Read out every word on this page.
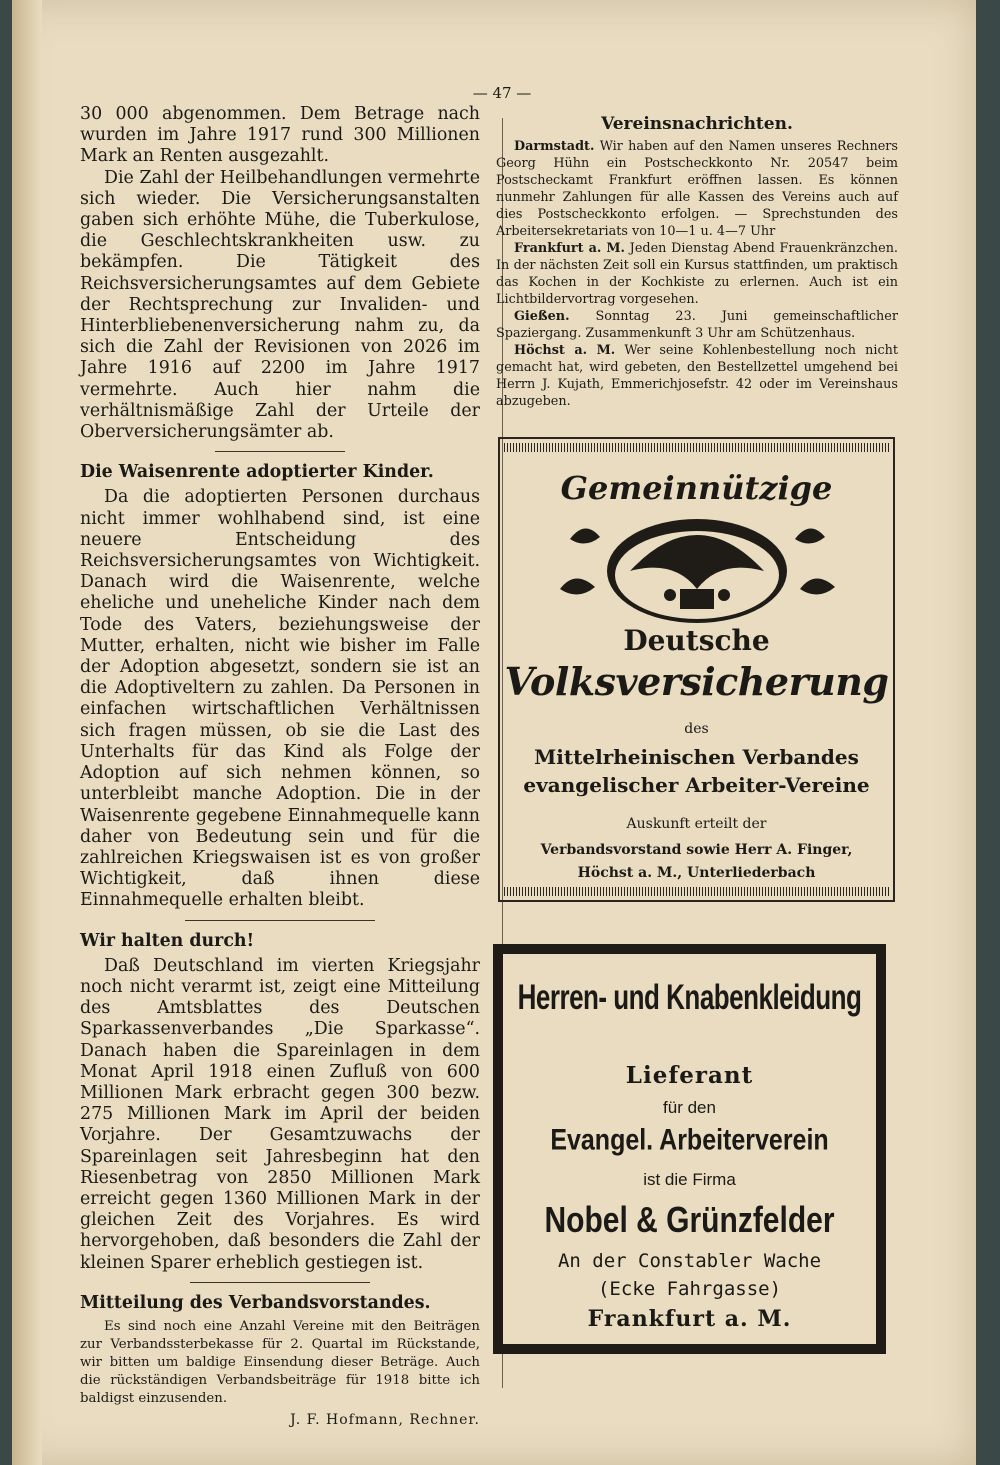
— 47 —

30 000 abgenommen. Dem Betrage nach wurden im Jahre 1917 rund 300 Millionen Mark an Renten ausgezahlt.

Die Zahl der Heilbehandlungen vermehrte sich wieder. Die Versicherungsanstalten gaben sich erhöhte Mühe, die Tuberkulose, die Geschlechtskrankheiten usw. zu bekämpfen. Die Tätigkeit des Reichsversicherungsamtes auf dem Gebiete der Rechtsprechung zur Invaliden- und Hinterbliebenenversicherung nahm zu, da sich die Zahl der Revisionen von 2026 im Jahre 1916 auf 2200 im Jahre 1917 vermehrte. Auch hier nahm die verhältnismäßige Zahl der Urteile der Oberversicherungsämter ab.

Die Waisenrente adoptierter Kinder.

Da die adoptierten Personen durchaus nicht immer wohlhabend sind, ist eine neuere Entscheidung des Reichsversicherungsamtes von Wichtigkeit. Danach wird die Waisenrente, welche eheliche und uneheliche Kinder nach dem Tode des Vaters, beziehungsweise der Mutter, erhalten, nicht wie bisher im Falle der Adoption abgesetzt, sondern sie ist an die Adoptiveltern zu zahlen. Da Personen in einfachen wirtschaftlichen Verhältnissen sich fragen müssen, ob sie die Last des Unterhalts für das Kind als Folge der Adoption auf sich nehmen können, so unterbleibt manche Adoption. Die in der Waisenrente gegebene Einnahmequelle kann daher von Bedeutung sein und für die zahlreichen Kriegswaisen ist es von großer Wichtigkeit, daß ihnen diese Einnahmequelle erhalten bleibt.

Wir halten durch!

Daß Deutschland im vierten Kriegsjahr noch nicht verarmt ist, zeigt eine Mitteilung des Amtsblattes des Deutschen Sparkassenverbandes „Die Sparkasse“. Danach haben die Spareinlagen in dem Monat April 1918 einen Zufluß von 600 Millionen Mark erbracht gegen 300 bezw. 275 Millionen Mark im April der beiden Vorjahre. Der Gesamtzuwachs der Spareinlagen seit Jahresbeginn hat den Riesenbetrag von 2850 Millionen Mark erreicht gegen 1360 Millionen Mark in der gleichen Zeit des Vorjahres. Es wird hervorgehoben, daß besonders die Zahl der kleinen Sparer erheblich gestiegen ist.

Mitteilung des Verbandsvorstandes.

Es sind noch eine Anzahl Vereine mit den Beiträgen zur Verbandssterbekasse für 2. Quartal im Rückstande, wir bitten um baldige Einsendung dieser Beträge. Auch die rückständigen Verbandsbeiträge für 1918 bitte ich baldigst einzusenden.

J. F. Hofmann, Rechner.

Vereinsnachrichten.

Darmstadt. Wir haben auf den Namen unseres Rechners Georg Hühn ein Postscheckkonto Nr. 20547 beim Postscheckamt Frankfurt eröffnen lassen. Es können nunmehr Zahlungen für alle Kassen des Vereins auch auf dies Postscheckkonto erfolgen. — Sprechstunden des Arbeitersekretariats von 10—1 u. 4—7 Uhr

Frankfurt a. M. Jeden Dienstag Abend Frauenkränzchen. In der nächsten Zeit soll ein Kursus stattfinden, um praktisch das Kochen in der Kochkiste zu erlernen. Auch ist ein Lichtbildervortrag vorgesehen.

Gießen. Sonntag 23. Juni gemeinschaftlicher Spaziergang. Zusammenkunft 3 Uhr am Schützenhaus.

Höchst a. M. Wer seine Kohlenbestellung noch nicht gemacht hat, wird gebeten, den Bestellzettel umgehend bei Herrn J. Kujath, Emmerichjosefstr. 42 oder im Vereinshaus abzugeben.

Gemeinnützige
Deutsche
Volksversicherung
des
Mittelrheinischen Verbandes
evangelischer Arbeiter-Vereine
Auskunft erteilt der
Verbandsvorstand sowie Herr A. Finger,
Höchst a. M., Unterliederbach
Herren- und Knabenkleidung
Lieferant
für den
Evangel. Arbeiterverein
ist die Firma
Nobel & Grünzfelder
An der Constabler Wache
(Ecke Fahrgasse)
Frankfurt a. M.
